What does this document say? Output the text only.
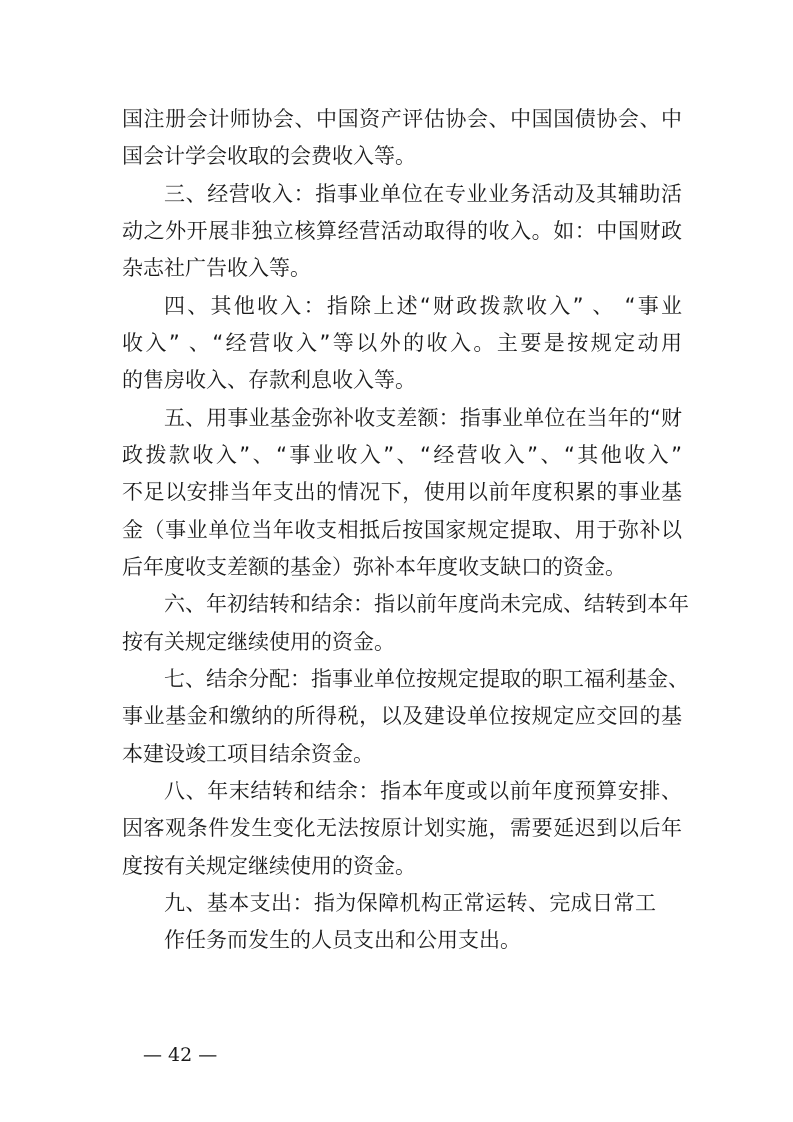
国注册会计师协会、中国资产评估协会、中国国债协会、中
国会计学会收取的会费收入等。
三、经营收入：指事业单位在专业业务活动及其辅助活
动之外开展非独立核算经营活动取得的收入。如：中国财政
杂志社广告收入等。
四、其他收入：指除上述“财政拨款收入” 、 “事业
收入” 、“经营收入”等以外的收入。主要是按规定动用
的售房收入、存款利息收入等。
五、用事业基金弥补收支差额：指事业单位在当年的“财
政拨款收入”、“事业收入”、“经营收入”、“其他收入”
不足以安排当年支出的情况下，使用以前年度积累的事业基
金（事业单位当年收支相抵后按国家规定提取、用于弥补以
后年度收支差额的基金）弥补本年度收支缺口的资金。
六、年初结转和结余：指以前年度尚未完成、结转到本年
按有关规定继续使用的资金。
七、结余分配：指事业单位按规定提取的职工福利基金、
事业基金和缴纳的所得税，以及建设单位按规定应交回的基
本建设竣工项目结余资金。
八、年末结转和结余：指本年度或以前年度预算安排、
因客观条件发生变化无法按原计划实施，需要延迟到以后年
度按有关规定继续使用的资金。
九、基本支出：指为保障机构正常运转、完成日常工
作任务而发生的人员支出和公用支出。
— 42 —
